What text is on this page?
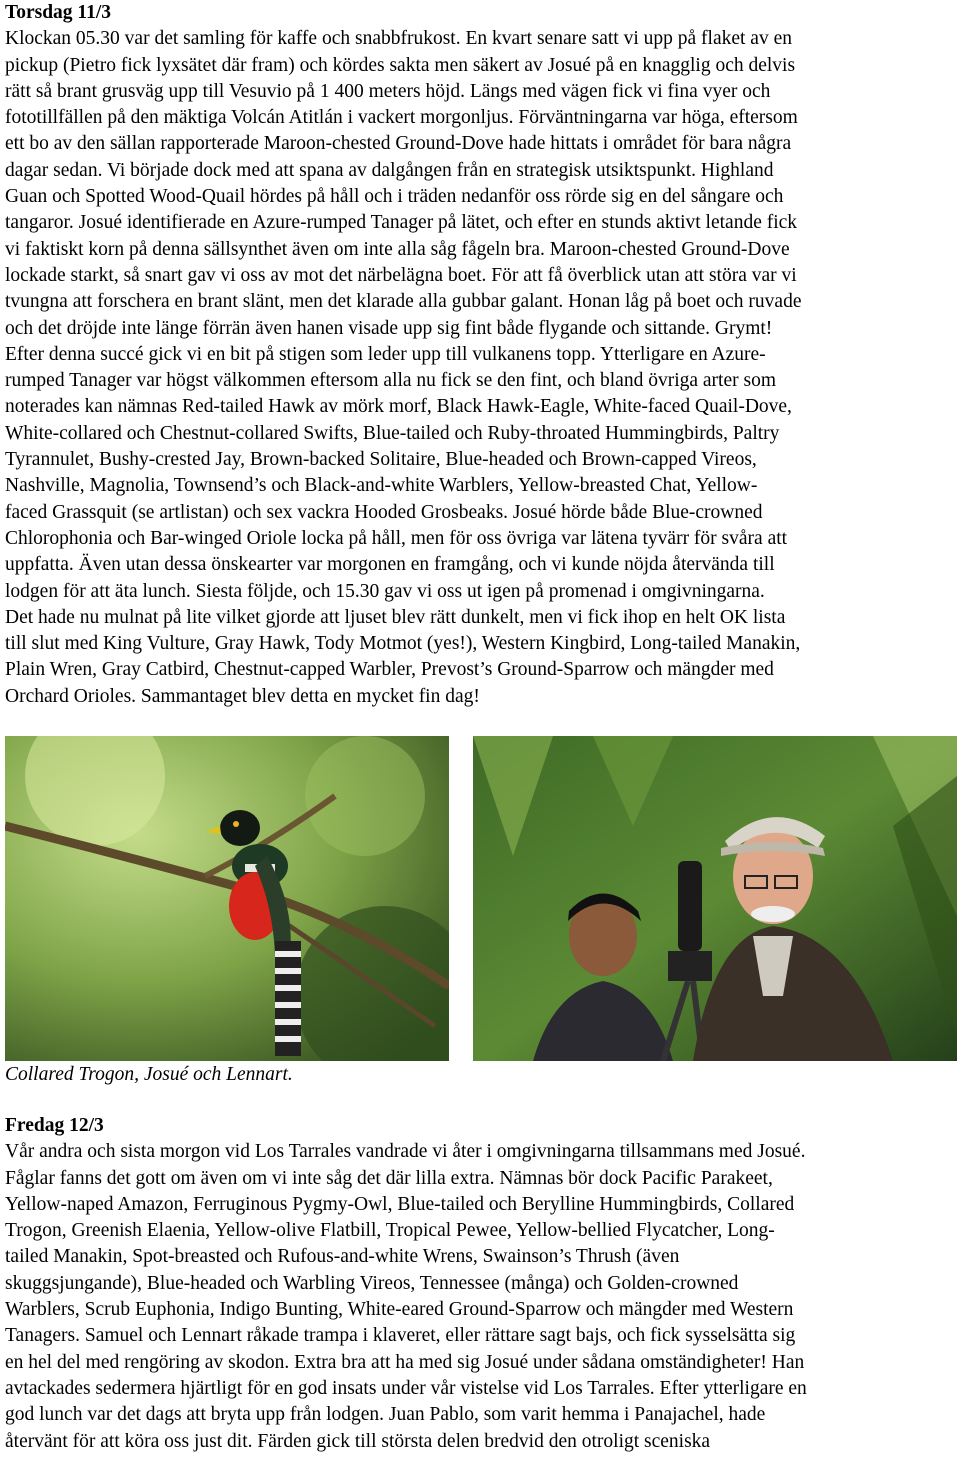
Torsdag 11/3
Klockan 05.30 var det samling för kaffe och snabbfrukost. En kvart senare satt vi upp på flaket av en
pickup (Pietro fick lyxsätet där fram) och kördes sakta men säkert av Josué på en knagglig och delvis
rätt så brant grusväg upp till Vesuvio på 1 400 meters höjd. Längs med vägen fick vi fina vyer och
fototillfällen på den mäktiga Volcán Atitlán i vackert morgonljus. Förväntningarna var höga, eftersom
ett bo av den sällan rapporterade Maroon-chested Ground-Dove hade hittats i området för bara några
dagar sedan. Vi började dock med att spana av dalgången från en strategisk utsiktspunkt. Highland
Guan och Spotted Wood-Quail hördes på håll och i träden nedanför oss rörde sig en del sångare och
tangaror. Josué identifierade en Azure-rumped Tanager på lätet, och efter en stunds aktivt letande fick
vi faktiskt korn på denna sällsynthet även om inte alla såg fågeln bra. Maroon-chested Ground-Dove
lockade starkt, så snart gav vi oss av mot det närbelägna boet. För att få överblick utan att störa var vi
tvungna att forschera en brant slänt, men det klarade alla gubbar galant. Honan låg på boet och ruvade
och det dröjde inte länge förrän även hanen visade upp sig fint både flygande och sittande. Grymt!
Efter denna succé gick vi en bit på stigen som leder upp till vulkanens topp. Ytterligare en Azure-
rumped Tanager var högst välkommen eftersom alla nu fick se den fint, och bland övriga arter som
noterades kan nämnas Red-tailed Hawk av mörk morf, Black Hawk-Eagle, White-faced Quail-Dove,
White-collared och Chestnut-collared Swifts, Blue-tailed och Ruby-throated Hummingbirds, Paltry
Tyrannulet, Bushy-crested Jay, Brown-backed Solitaire, Blue-headed och Brown-capped Vireos,
Nashville, Magnolia, Townsend’s och Black-and-white Warblers, Yellow-breasted Chat, Yellow-
faced Grassquit (se artlistan) och sex vackra Hooded Grosbeaks. Josué hörde både Blue-crowned
Chlorophonia och Bar-winged Oriole locka på håll, men för oss övriga var lätena tyvärr för svåra att
uppfatta. Även utan dessa önskearter var morgonen en framgång, och vi kunde nöjda återvända till
lodgen för att äta lunch. Siesta följde, och 15.30 gav vi oss ut igen på promenad i omgivningarna.
Det hade nu mulnat på lite vilket gjorde att ljuset blev rätt dunkelt, men vi fick ihop en helt OK lista
till slut med King Vulture, Gray Hawk, Tody Motmot (yes!), Western Kingbird, Long-tailed Manakin,
Plain Wren, Gray Catbird, Chestnut-capped Warbler, Prevost’s Ground-Sparrow och mängder med
Orchard Orioles. Sammantaget blev detta en mycket fin dag!

Collared Trogon, Josué och Lennart.

Fredag 12/3
Vår andra och sista morgon vid Los Tarrales vandrade vi åter i omgivningarna tillsammans med Josué.
Fåglar fanns det gott om även om vi inte såg det där lilla extra. Nämnas bör dock Pacific Parakeet,
Yellow-naped Amazon, Ferruginous Pygmy-Owl, Blue-tailed och Berylline Hummingbirds, Collared
Trogon, Greenish Elaenia, Yellow-olive Flatbill, Tropical Pewee, Yellow-bellied Flycatcher, Long-
tailed Manakin, Spot-breasted och Rufous-and-white Wrens, Swainson’s Thrush (även
skuggsjungande), Blue-headed och Warbling Vireos, Tennessee (många) och Golden-crowned
Warblers, Scrub Euphonia, Indigo Bunting, White-eared Ground-Sparrow och mängder med Western
Tanagers. Samuel och Lennart råkade trampa i klaveret, eller rättare sagt bajs, och fick sysselsätta sig
en hel del med rengöring av skodon. Extra bra att ha med sig Josué under sådana omständigheter! Han
avtackades sedermera hjärtligt för en god insats under vår vistelse vid Los Tarrales. Efter ytterligare en
god lunch var det dags att bryta upp från lodgen. Juan Pablo, som varit hemma i Panajachel, hade
återvänt för att köra oss just dit. Färden gick till största delen bredvid den otroligt sceniska
